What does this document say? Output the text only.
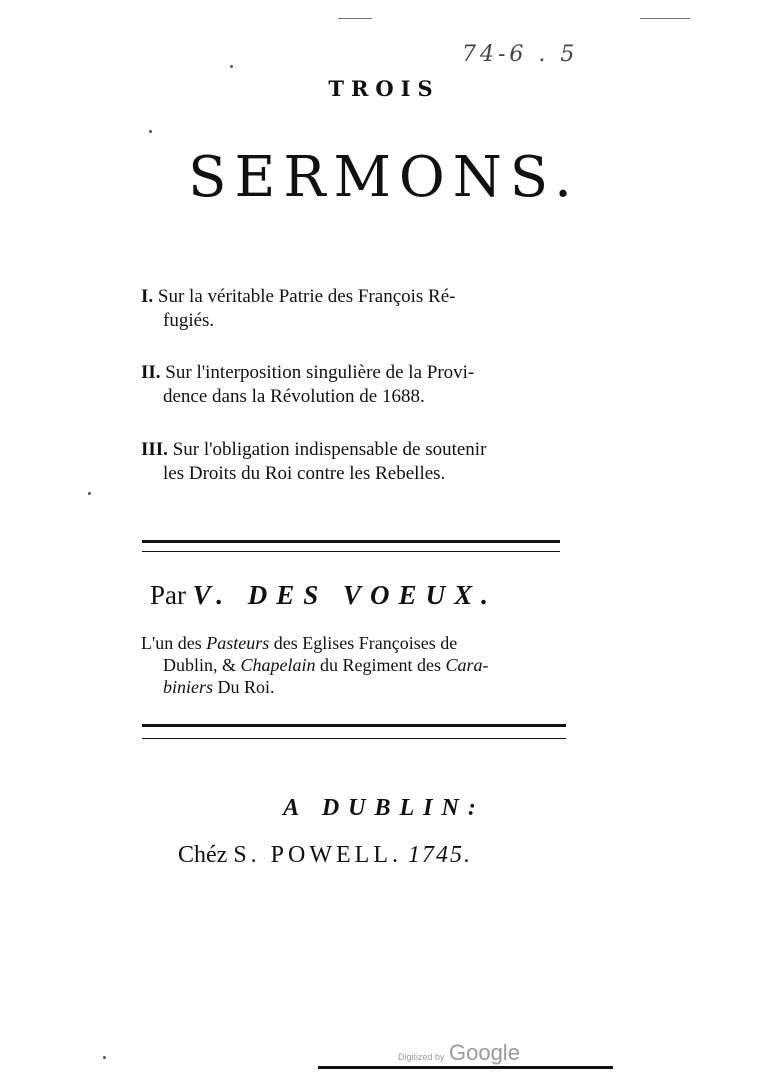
74-6 . 5
TROIS
SERMONS.
I. Sur la véritable Patrie des François Ré-
fugiés.
II. Sur l'interposition singulière de la Provi-
dence dans la Révolution de 1688.
III. Sur l'obligation indispensable de soutenir
les Droits du Roi contre les Rebelles.
Par V. DES VOEUX.
L'un des Pasteurs des Eglises Françoises de
Dublin, & Chapelain du Regiment des Cara-
biniers Du Roi.
A DUBLIN:
Chéz S. POWELL. 1745.
Digitized by Google
